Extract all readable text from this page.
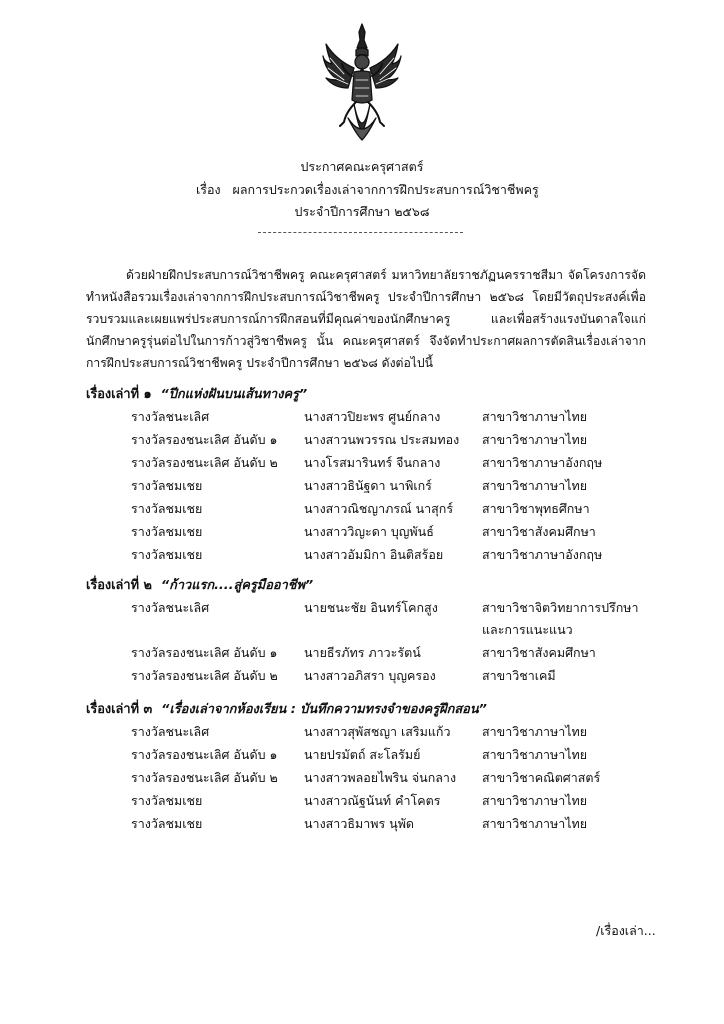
ประกาศคณะครุศาสตร์
เรื่อง ผลการประกวดเรื่องเล่าจากการฝึกประสบการณ์วิชาชีพครู
ประจำปีการศึกษา ๒๕๖๘
ด้วยฝ่ายฝึกประสบการณ์วิชาชีพครู คณะครุศาสตร์ มหาวิทยาลัยราชภัฏนครราชสีมา จัดโครงการจัดทำหนังสือรวมเรื่องเล่าจากการฝึกประสบการณ์วิชาชีพครู ประจำปีการศึกษา ๒๕๖๘ โดยมีวัตถุประสงค์เพื่อรวบรวมและเผยแพร่ประสบการณ์การฝึกสอนที่มีคุณค่าของนักศึกษาครู และเพื่อสร้างแรงบันดาลใจแก่นักศึกษาครูรุ่นต่อไปในการก้าวสู่วิชาชีพครู นั้น คณะครุศาสตร์ จึงจัดทำประกาศผลการตัดสินเรื่องเล่าจากการฝึกประสบการณ์วิชาชีพครู ประจำปีการศึกษา ๒๕๖๘ ดังต่อไปนี้
เรื่องเล่าที่ ๑ “ปีกแห่งฝันบนเส้นทางครู”
รางวัลชนะเลิศ	นางสาวปิยะพร ศูนย์กลาง	สาขาวิชาภาษาไทย
รางวัลรองชนะเลิศ อันดับ ๑	นางสาวนพวรรณ ประสมทอง	สาขาวิชาภาษาไทย
รางวัลรองชนะเลิศ อันดับ ๒	นางโรสมารินทร์ จีนกลาง	สาขาวิชาภาษาอังกฤษ
รางวัลชมเชย	นางสาวธินัฐดา นาพิเกร์	สาขาวิชาภาษาไทย
รางวัลชมเชย	นางสาวณิชญาภรณ์ นาสุกร์	สาขาวิชาพุทธศึกษา
รางวัลชมเชย	นางสาววิญะดา บุญพันธ์	สาขาวิชาสังคมศึกษา
รางวัลชมเชย	นางสาวอัมมิกา อินติสร้อย	สาขาวิชาภาษาอังกฤษ
เรื่องเล่าที่ ๒ “ก้าวแรก....สู่ครูมืออาชีพ”
รางวัลชนะเลิศ	นายชนะชัย อินทร์โคกสูง	สาขาวิชาจิตวิทยาการปรึกษา
และการแนะแนว
รางวัลรองชนะเลิศ อันดับ ๑	นายธีรภัทร ภาวะรัตน์	สาขาวิชาสังคมศึกษา
รางวัลรองชนะเลิศ อันดับ ๒	นางสาวอภิสรา บุญครอง	สาขาวิชาเคมี
เรื่องเล่าที่ ๓ “เรื่องเล่าจากห้องเรียน : บันทึกความทรงจำของครูฝึกสอน”
รางวัลชนะเลิศ	นางสาวสุพัสชญา เสริมแก้ว	สาขาวิชาภาษาไทย
รางวัลรองชนะเลิศ อันดับ ๑	นายปรมัตถ์ สะโลรัมย์	สาขาวิชาภาษาไทย
รางวัลรองชนะเลิศ อันดับ ๒	นางสาวพลอยไพริน จ่นกลาง	สาขาวิชาคณิตศาสตร์
รางวัลชมเชย	นางสาวณัฐนันท์ คำโคตร	สาขาวิชาภาษาไทย
รางวัลชมเชย	นางสาวธิมาพร นุพัด	สาขาวิชาภาษาไทย
/เรื่องเล่า...
